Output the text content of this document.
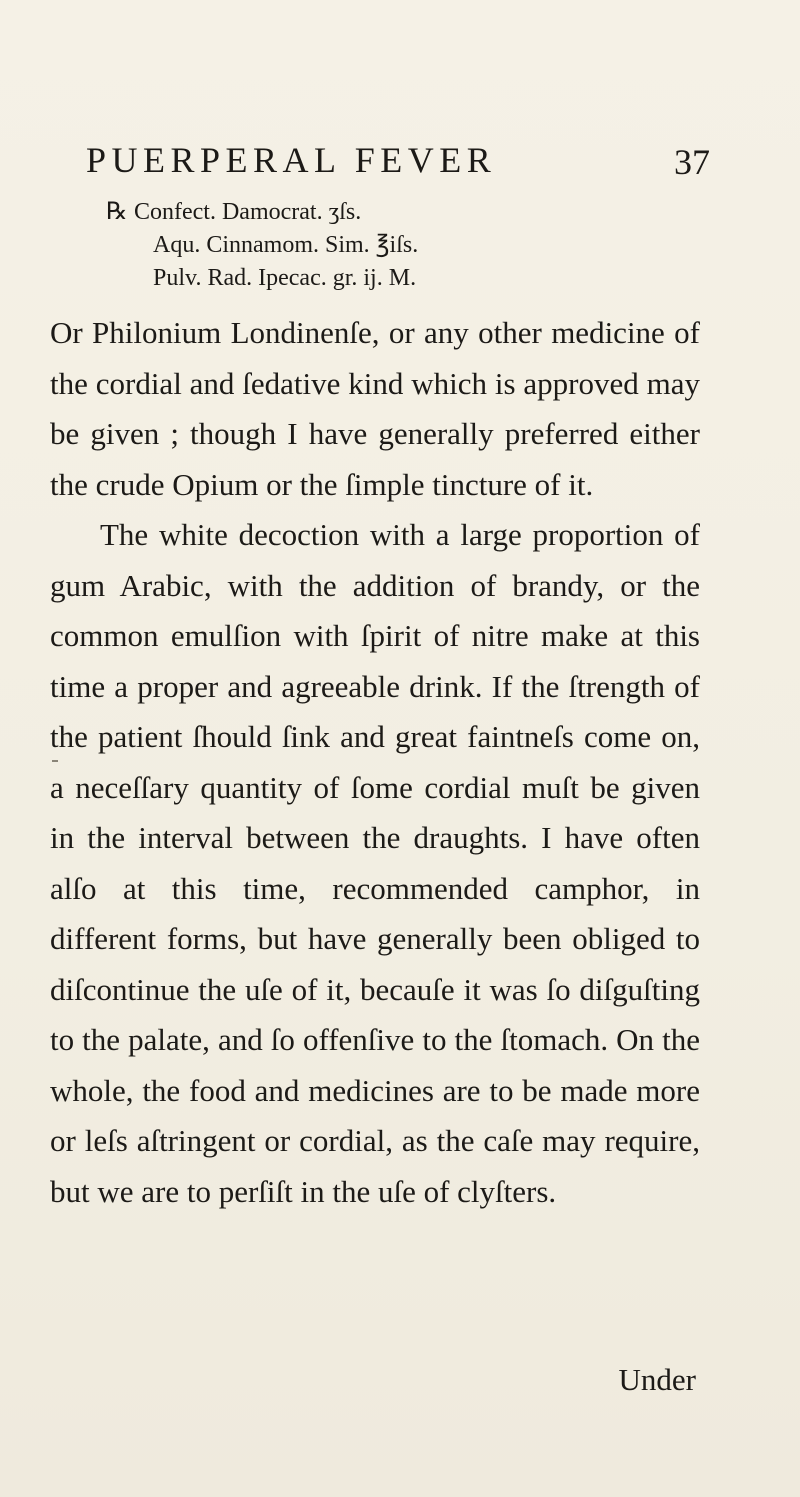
PUERPERAL FEVER	37
℞ Confect. Damocrat. ʒſs.
Aqu. Cinnamom. Sim. ℥iſs.
Pulv. Rad. Ipecac. gr. ij. M.

Or Philonium Londinenſe, or any other medicine of the cordial and ſedative kind which is approved may be given ; though I have generally preferred either the crude Opium or the ſimple tincture of it.

The white decoction with a large proportion of gum Arabic, with the addition of brandy, or the common emulſion with ſpirit of nitre make at this time a proper and agreeable drink. If the ſtrength of the patient ſhould ſink and great faintneſs come on, a neceſſary quantity of ſome cordial muſt be given in the interval between the draughts. I have often alſo at this time, recommended camphor, in different forms, but have generally been obliged to diſcontinue the uſe of it, becauſe it was ſo diſguſting to the palate, and ſo offenſive to the ſtomach. On the whole, the food and medicines are to be made more or leſs aſtringent or cordial, as the caſe may require, but we are to perſiſt in the uſe of clyſters.

Under
